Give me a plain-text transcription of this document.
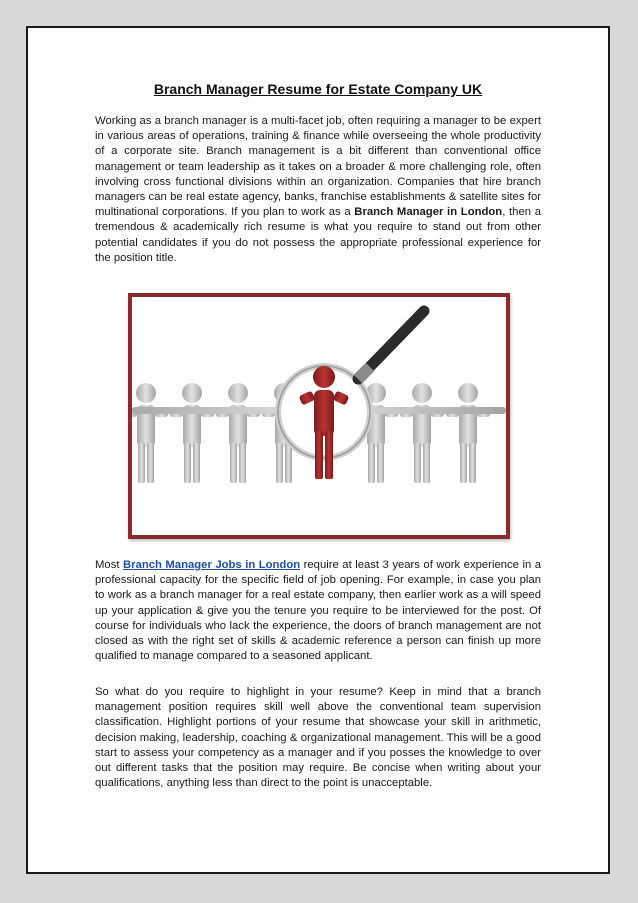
Branch Manager Resume for Estate Company UK

Working as a branch manager is a multi-facet job, often requiring a manager to be expert in various areas of operations, training & finance while overseeing the whole productivity of a corporate site. Branch management is a bit different than conventional office management or team leadership as it takes on a broader & more challenging role, often involving cross functional divisions within an organization. Companies that hire branch managers can be real estate agency, banks, franchise establishments & satellite sites for multinational corporations. If you plan to work as a Branch Manager in London, then a tremendous & academically rich resume is what you require to stand out from other potential candidates if you do not possess the appropriate professional experience for the position title.

Most Branch Manager Jobs in London require at least 3 years of work experience in a professional capacity for the specific field of job opening. For example, in case you plan to work as a branch manager for a real estate company, then earlier work as a will speed up your application & give you the tenure you require to be interviewed for the post. Of course for individuals who lack the experience, the doors of branch management are not closed as with the right set of skills & academic reference a person can finish up more qualified to manage compared to a seasoned applicant.

So what do you require to highlight in your resume? Keep in mind that a branch management position requires skill well above the conventional team supervision classification. Highlight portions of your resume that showcase your skill in arithmetic, decision making, leadership, coaching & organizational management. This will be a good start to assess your competency as a manager and if you posses the knowledge to over out different tasks that the position may require. Be concise when writing about your qualifications, anything less than direct to the point is unacceptable.
